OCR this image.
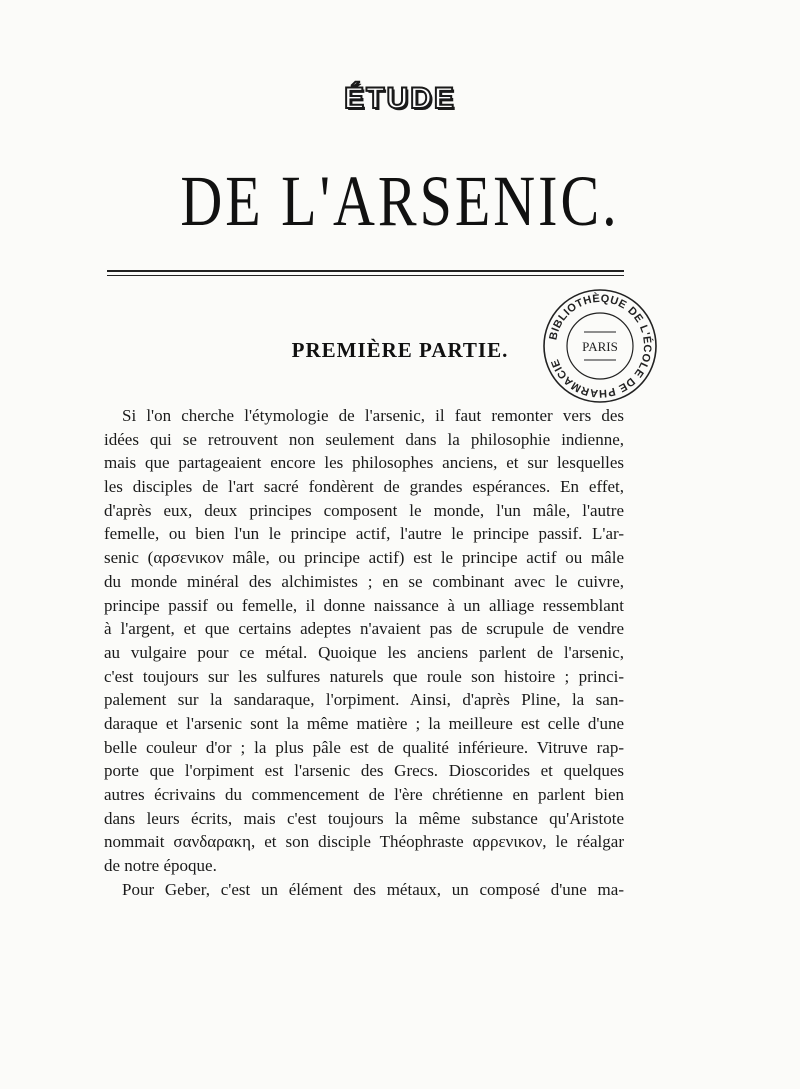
ÉTUDE
DE L'ARSENIC.
PREMIÈRE PARTIE.
BIBLIOTHÈQUE DE L'ÉCOLE DE PHARMACIE
PARIS
Si l'on cherche l'étymologie de l'arsenic, il faut remonter vers des
idées qui se retrouvent non seulement dans la philosophie indienne,
mais que partageaient encore les philosophes anciens, et sur lesquelles
les disciples de l'art sacré fondèrent de grandes espérances. En effet,
d'après eux, deux principes composent le monde, l'un mâle, l'autre
femelle, ou bien l'un le principe actif, l'autre le principe passif. L'ar-
senic (αρσενικον mâle, ou principe actif) est le principe actif ou mâle
du monde minéral des alchimistes ; en se combinant avec le cuivre,
principe passif ou femelle, il donne naissance à un alliage ressemblant
à l'argent, et que certains adeptes n'avaient pas de scrupule de vendre
au vulgaire pour ce métal. Quoique les anciens parlent de l'arsenic,
c'est toujours sur les sulfures naturels que roule son histoire ; princi-
palement sur la sandaraque, l'orpiment. Ainsi, d'après Pline, la san-
daraque et l'arsenic sont la même matière ; la meilleure est celle d'une
belle couleur d'or ; la plus pâle est de qualité inférieure. Vitruve rap-
porte que l'orpiment est l'arsenic des Grecs. Dioscorides et quelques
autres écrivains du commencement de l'ère chrétienne en parlent bien
dans leurs écrits, mais c'est toujours la même substance qu'Aristote
nommait σανδαρακη, et son disciple Théophraste αρρενικον, le réalgar
de notre époque.
Pour Geber, c'est un élément des métaux, un composé d'une ma-
